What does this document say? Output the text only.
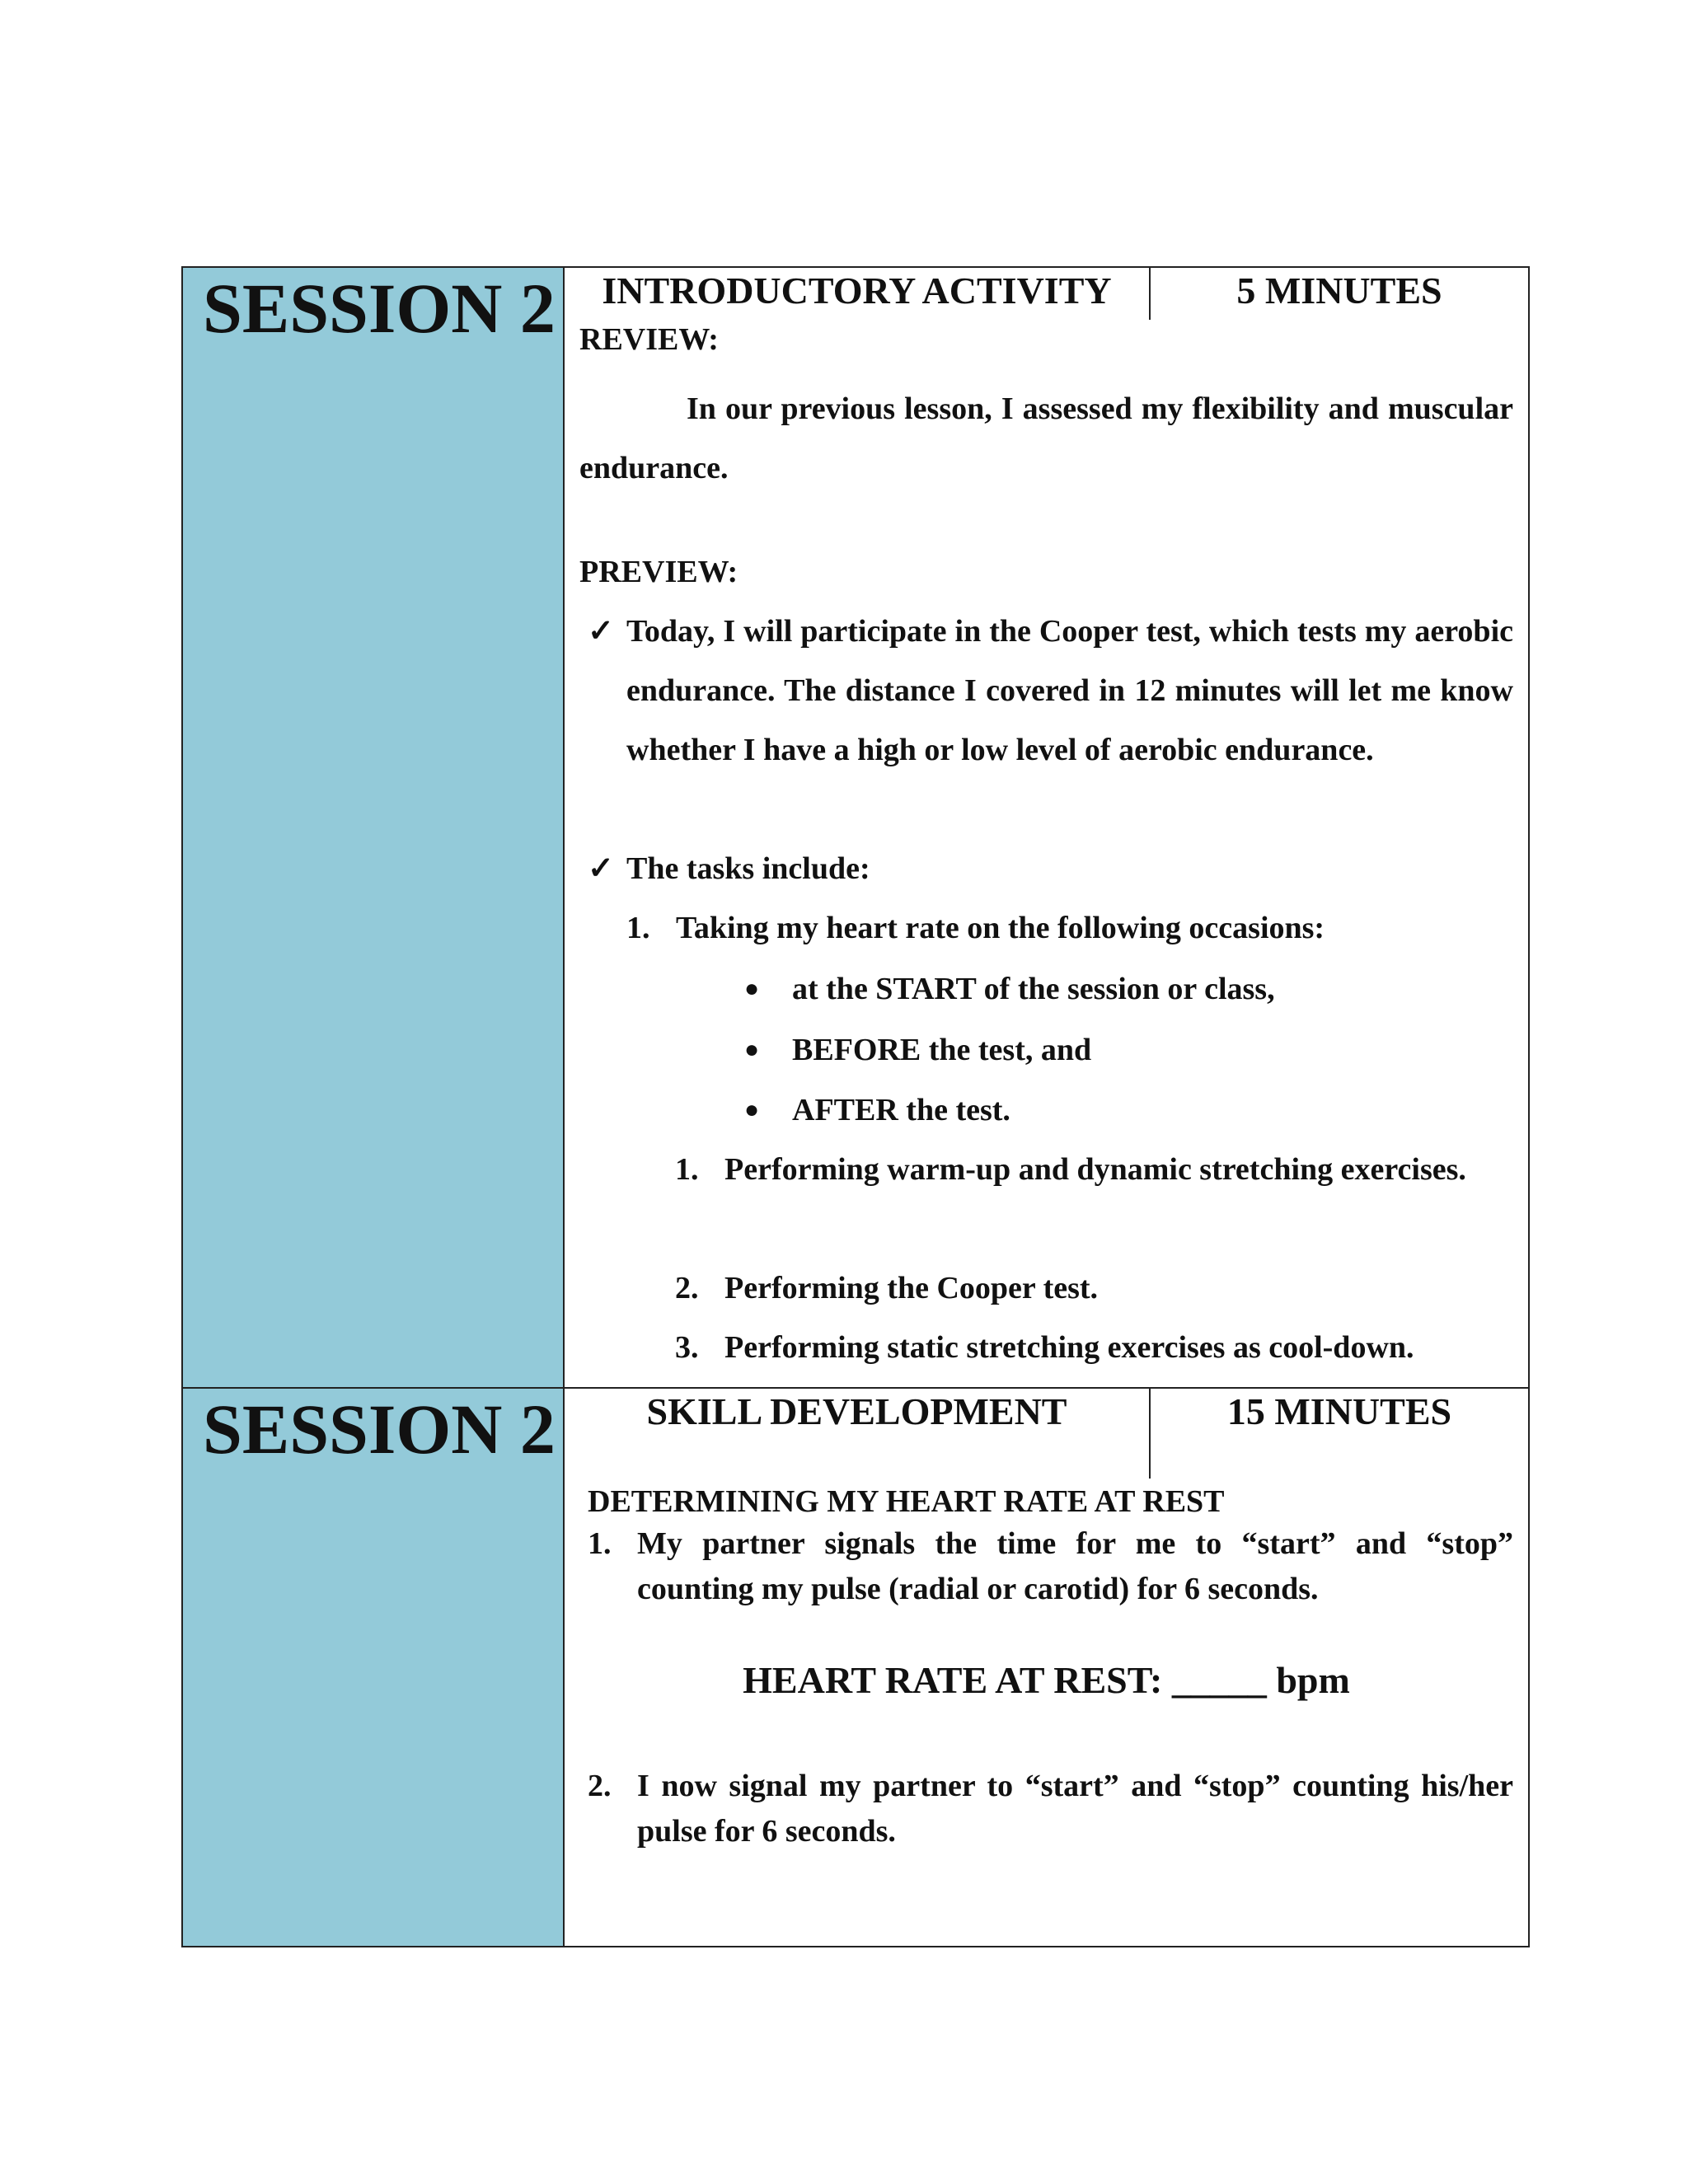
SESSION 2	INTRODUCTORY ACTIVITY	5 MINUTES
REVIEW:
In our previous lesson, I assessed my flexibility and muscular endurance.
PREVIEW:
✓ Today, I will participate in the Cooper test, which tests my aerobic endurance. The distance I covered in 12 minutes will let me know whether I have a high or low level of aerobic endurance.
✓ The tasks include:
1. Taking my heart rate on the following occasions:
● at the START of the session or class,
● BEFORE the test, and
● AFTER the test.
1. Performing warm-up and dynamic stretching exercises.
2. Performing the Cooper test.
3. Performing static stretching exercises as cool-down.
SESSION 2	SKILL DEVELOPMENT	15 MINUTES
DETERMINING MY HEART RATE AT REST
1. My partner signals the time for me to “start” and “stop” counting my pulse (radial or carotid) for 6 seconds.
HEART RATE AT REST: _____ bpm
2. I now signal my partner to “start” and “stop” counting his/her pulse for 6 seconds.
